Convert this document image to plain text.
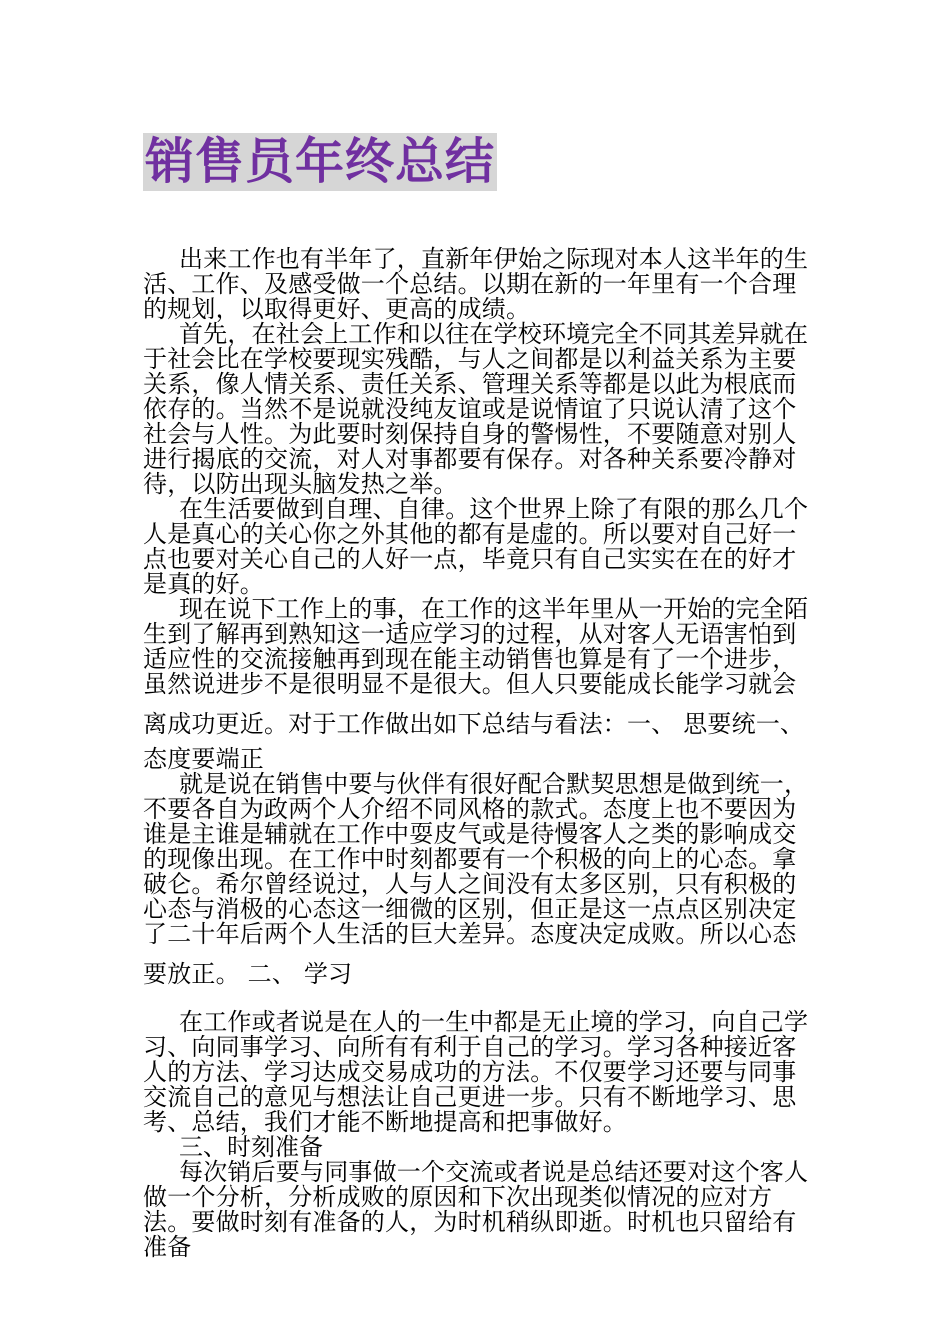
销售员年终总结

出来工作也有半年了，直新年伊始之际现对本人这半年的生活、工作、及感受做一个总结。以期在新的一年里有一个合理的规划，以取得更好、更高的成绩。

首先，在社会上工作和以往在学校环境完全不同其差异就在于社会比在学校要现实残酷，与人之间都是以利益关系为主要关系，像人情关系、责任关系、管理关系等都是以此为根底而依存的。当然不是说就没纯友谊或是说情谊了只说认清了这个社会与人性。为此要时刻保持自身的警惕性，不要随意对别人进行揭底的交流，对人对事都要有保存。对各种关系要冷静对待，以防出现头脑发热之举。

在生活要做到自理、自律。这个世界上除了有限的那么几个人是真心的关心你之外其他的都有是虚的。所以要对自己好一点也要对关心自己的人好一点，毕竟只有自己实实在在的好才是真的好。

现在说下工作上的事，在工作的这半年里从一开始的完全陌生到了解再到熟知这一适应学习的过程，从对客人无语害怕到适应性的交流接触再到现在能主动销售也算是有了一个进步，虽然说进步不是很明显不是很大。但人只要能成长能学习就会

离成功更近。对于工作做出如下总结与看法：一、 思要统一、

态度要端正

就是说在销售中要与伙伴有很好配合默契思想是做到统一，不要各自为政两个人介绍不同风格的款式。态度上也不要因为谁是主谁是辅就在工作中耍皮气或是待慢客人之类的影响成交的现像出现。在工作中时刻都要有一个积极的向上的心态。拿破仑。希尔曾经说过，人与人之间没有太多区别，只有积极的心态与消极的心态这一细微的区别，但正是这一点点区别决定了二十年后两个人生活的巨大差异。态度决定成败。所以心态

要放正。 二、 学习

在工作或者说是在人的一生中都是无止境的学习，向自己学习、向同事学习、向所有有利于自己的学习。学习各种接近客人的方法、学习达成交易成功的方法。不仅要学习还要与同事交流自己的意见与想法让自己更进一步。只有不断地学习、思考、总结，我们才能不断地提高和把事做好。

三、时刻准备

每次销后要与同事做一个交流或者说是总结还要对这个客人做一个分析，分析成败的原因和下次出现类似情况的应对方法。要做时刻有准备的人，为时机稍纵即逝。时机也只留给有准备
